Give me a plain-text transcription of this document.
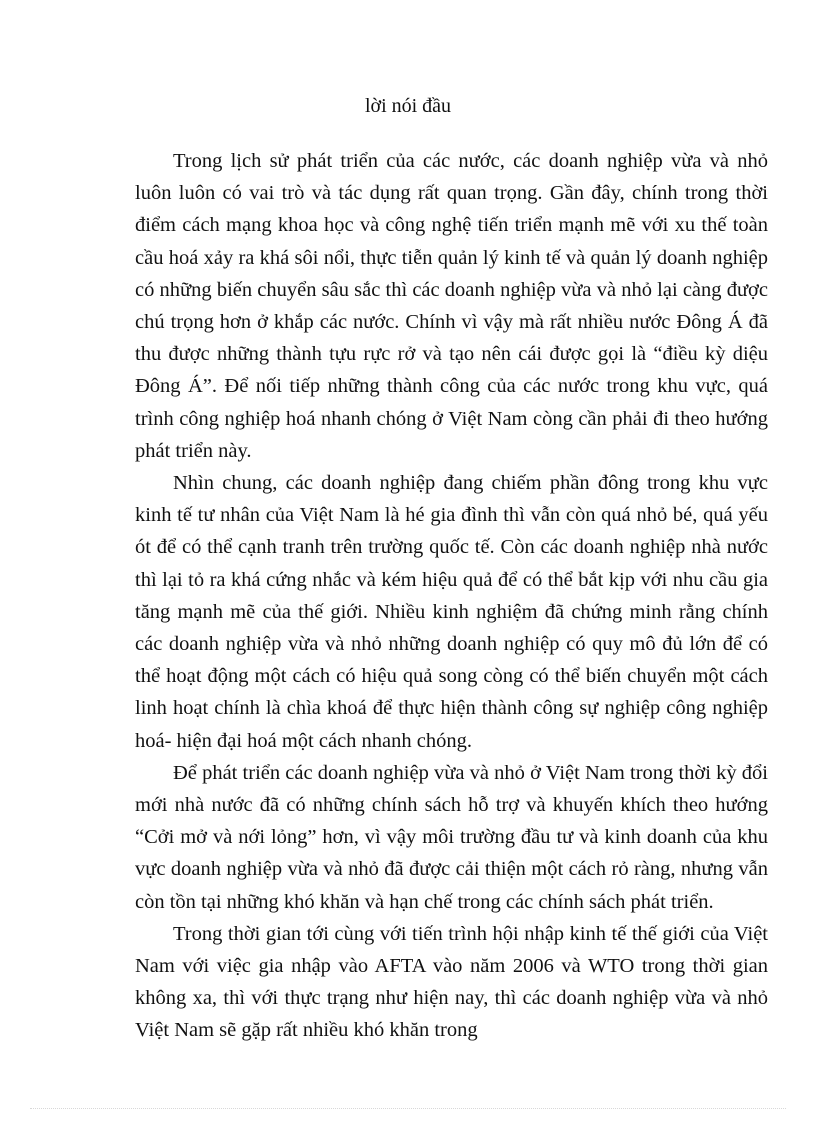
lời nói đầu

Trong lịch sử phát triển của các nước, các doanh nghiệp vừa và nhỏ luôn luôn có vai trò và tác dụng rất quan trọng. Gần đây, chính trong thời điểm cách mạng khoa học và công nghệ tiến triển mạnh mẽ với xu thế toàn cầu hoá xảy ra khá sôi nổi, thực tiễn quản lý kinh tế và quản lý doanh nghiệp có những biến chuyển sâu sắc thì các doanh nghiệp vừa và nhỏ lại càng được chú trọng hơn ở khắp các nước. Chính vì vậy mà rất nhiều nước Đông Á đã thu được những thành tựu rực rở và tạo nên cái được gọi là “điều kỳ diệu Đông Á”. Để nối tiếp những thành công của các nước trong khu vực, quá trình công nghiệp hoá nhanh chóng ở Việt Nam còng cần phải đi theo hướng phát triển này.

Nhìn chung, các doanh nghiệp đang chiếm phần đông trong khu vực kinh tế tư nhân của Việt Nam là hé gia đình thì vẫn còn quá nhỏ bé, quá yếu ót để có thể cạnh tranh trên trường quốc tế. Còn các doanh nghiệp nhà nước thì lại tỏ ra khá cứng nhắc và kém hiệu quả để có thể bắt kịp với nhu cầu gia tăng mạnh mẽ của thế giới. Nhiều kinh nghiệm đã chứng minh rằng chính các doanh nghiệp vừa và nhỏ những doanh nghiệp có quy mô đủ lớn để có thể hoạt động một cách có hiệu quả song còng có thể biến chuyển một cách linh hoạt chính là chìa khoá để thực hiện thành công sự nghiệp công nghiệp hoá- hiện đại hoá một cách nhanh chóng.

Để phát triển các doanh nghiệp vừa và nhỏ ở Việt Nam trong thời kỳ đổi mới nhà nước đã có những chính sách hỗ trợ và khuyến khích theo hướng “Cởi mở và nới lỏng” hơn, vì vậy môi trường đầu tư và kinh doanh của khu vực doanh nghiệp vừa và nhỏ đã được cải thiện một cách rỏ ràng, nhưng vẫn còn tồn tại những khó khăn và hạn chế trong các chính sách phát triển.

Trong thời gian tới cùng với tiến trình hội nhập kinh tế thế giới của Việt Nam với việc gia nhập vào AFTA vào năm 2006 và WTO trong thời gian không xa, thì với thực trạng như hiện nay, thì các doanh nghiệp vừa và nhỏ Việt Nam sẽ gặp rất nhiều khó khăn trong
